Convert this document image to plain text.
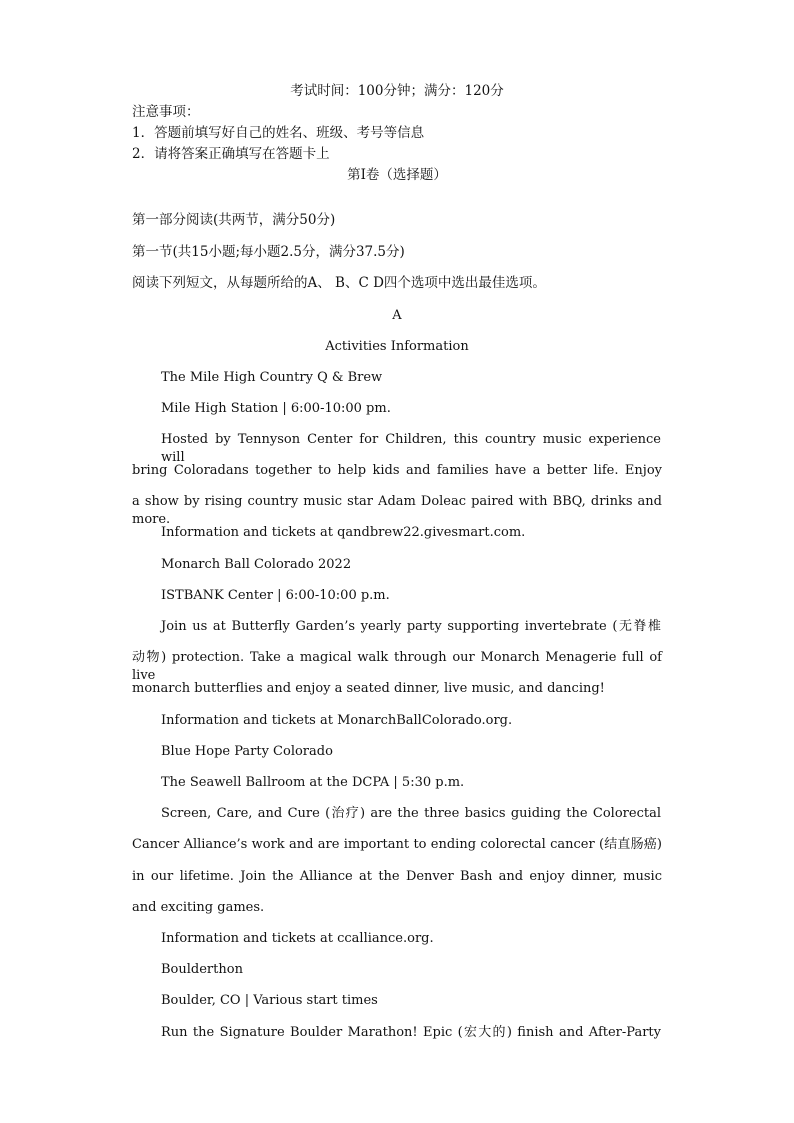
考试时间：100分钟；满分：120分
注意事项：
1．答题前填写好自己的姓名、班级、考号等信息
2．请将答案正确填写在答题卡上
第I卷（选择题）
第一部分阅读(共两节，满分50分)
第一节(共15小题;每小题2.5分，满分37.5分)
阅读下列短文，从每题所给的A、 B、C D四个选项中选出最佳选项。
A
Activities Information
The Mile High Country Q & Brew
Mile High Station | 6:00-10:00 pm.
Hosted by Tennyson Center for Children, this country music experience will
bring Coloradans together to help kids and families have a better life. Enjoy
a show by rising country music star Adam Doleac paired with BBQ, drinks and more.
Information and tickets at qandbrew22.givesmart.com.
Monarch Ball Colorado 2022
ISTBANK Center | 6:00-10:00 p.m.
Join us at Butterfly Garden’s yearly party supporting invertebrate (无脊椎
动物) protection. Take a magical walk through our Monarch Menagerie full of live
monarch butterflies and enjoy a seated dinner, live music, and dancing!
Information and tickets at MonarchBallColorado.org.
Blue Hope Party Colorado
The Seawell Ballroom at the DCPA | 5:30 p.m.
Screen, Care, and Cure (治疗) are the three basics guiding the Colorectal
Cancer Alliance’s work and are important to ending colorectal cancer (结直肠癌)
in our lifetime. Join the Alliance at the Denver Bash and enjoy dinner, music
and exciting games.
Information and tickets at ccalliance.org.
Boulderthon
Boulder, CO | Various start times
Run the Signature Boulder Marathon! Epic (宏大的) finish and After-Party
